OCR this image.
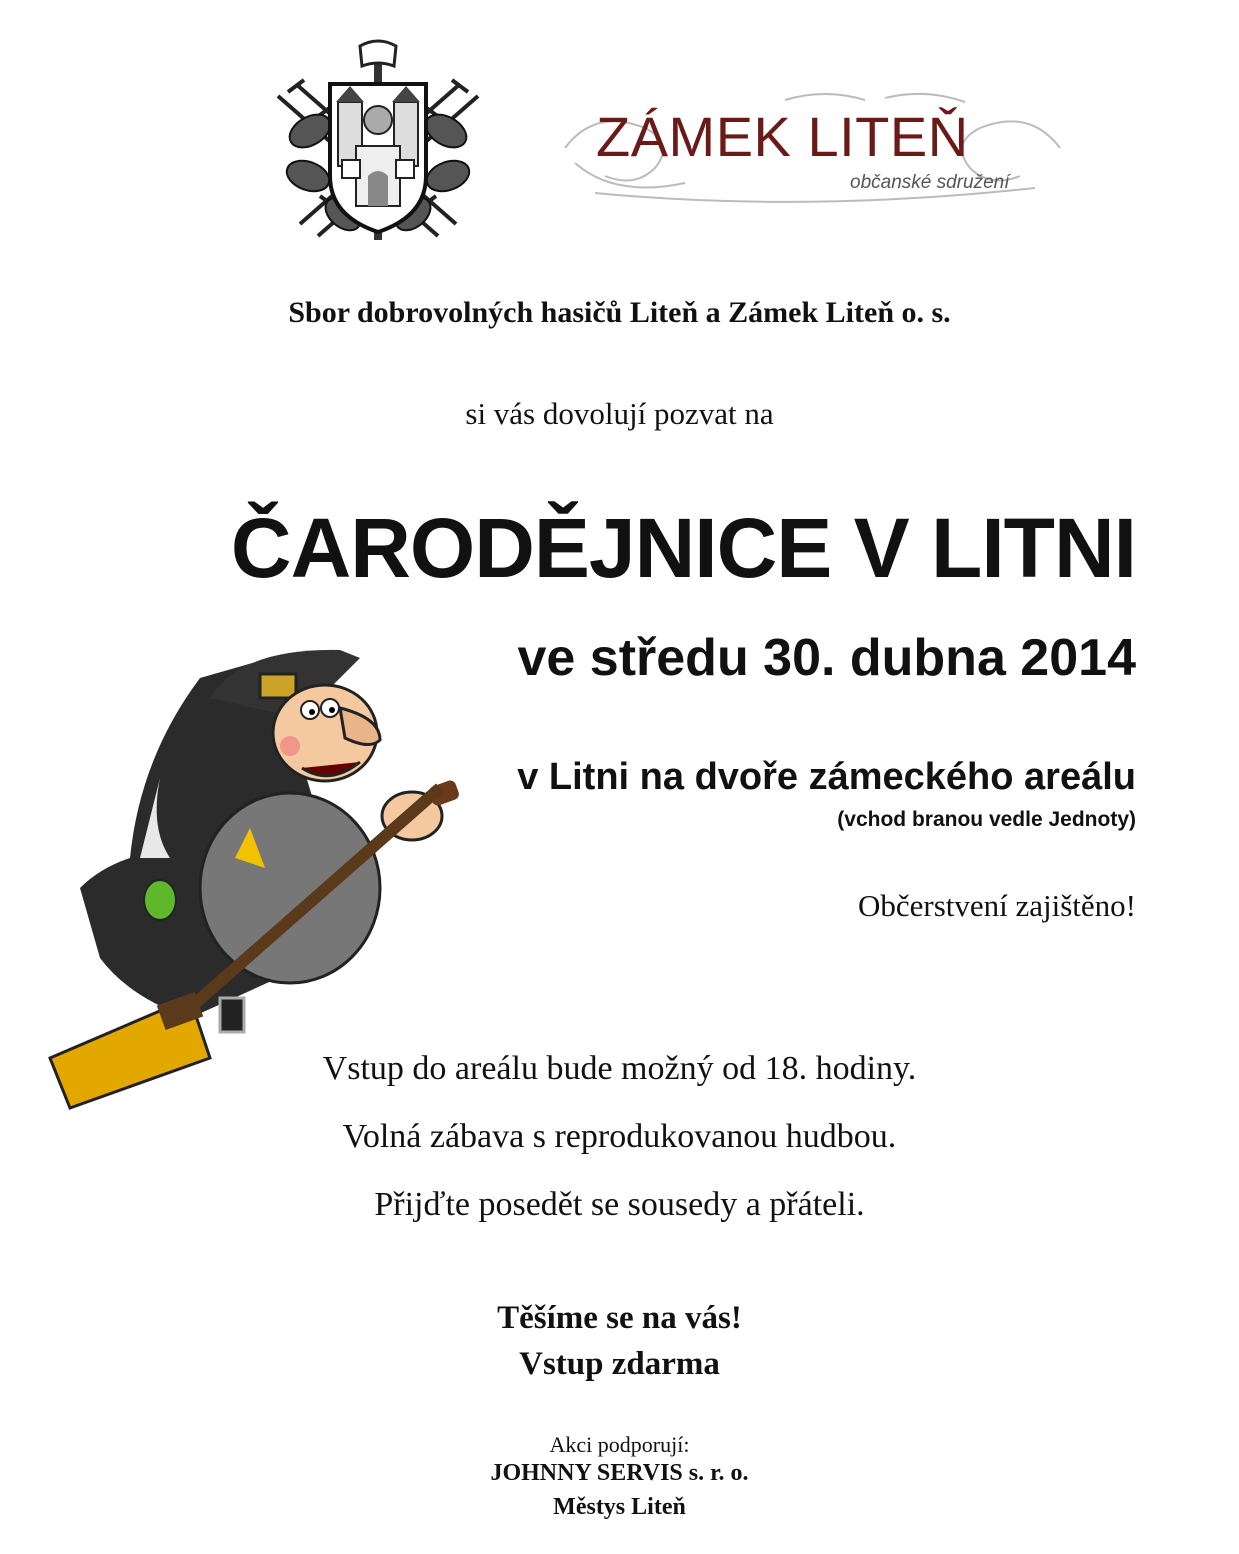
ZÁMEK LITEŇ
občanské sdružení
Sbor dobrovolných hasičů Liteň a Zámek Liteň o. s.
si vás dovolují pozvat na
ČARODĚJNICE V LITNI
ve středu 30. dubna 2014
v Litni na dvoře zámeckého areálu
(vchod branou vedle Jednoty)
Občerstvení zajištěno!
Vstup do areálu bude možný od 18. hodiny.
Volná zábava s reprodukovanou hudbou.
Přijďte posedět se sousedy a přáteli.
Těšíme se na vás!
Vstup zdarma
Akci podporují:
JOHNNY SERVIS s. r. o.
Městys Liteň
